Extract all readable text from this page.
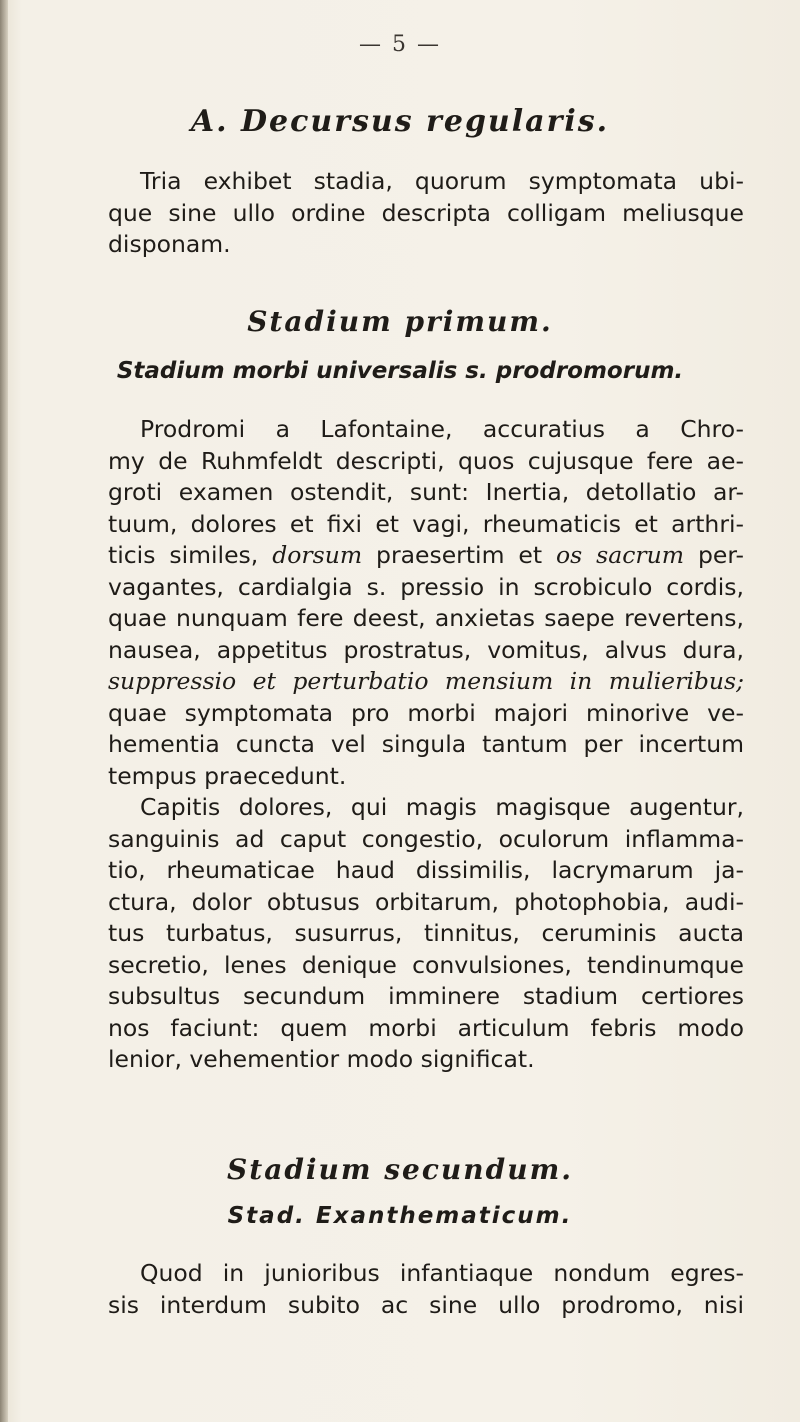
— 5 —
A. Decursus regularis.
Tria exhibet stadia, quorum symptomata ubi-
que sine ullo ordine descripta colligam meliusque
disponam.
Stadium primum.
Stadium morbi universalis s. prodromorum.
Prodromi a Lafontaine, accuratius a Chro-
my de Ruhmfeldt descripti, quos cujusque fere ae-
groti examen ostendit, sunt: Inertia, detollatio ar-
tuum, dolores et fixi et vagi, rheumaticis et arthri-
ticis similes, dorsum praesertim et os sacrum per-
vagantes, cardialgia s. pressio in scrobiculo cordis,
quae nunquam fere deest, anxietas saepe revertens,
nausea, appetitus prostratus, vomitus, alvus dura,
suppressio et perturbatio mensium in mulieribus;
quae symptomata pro morbi majori minorive ve-
hementia cuncta vel singula tantum per incertum
tempus praecedunt.
Capitis dolores, qui magis magisque augentur,
sanguinis ad caput congestio, oculorum inflamma-
tio, rheumaticae haud dissimilis, lacrymarum ja-
ctura, dolor obtusus orbitarum, photophobia, audi-
tus turbatus, susurrus, tinnitus, ceruminis aucta
secretio, lenes denique convulsiones, tendinumque
subsultus secundum imminere stadium certiores
nos faciunt: quem morbi articulum febris modo
lenior, vehementior modo significat.
Stadium secundum.
Stad. Exanthematicum.
Quod in junioribus infantiaque nondum egres-
sis interdum subito ac sine ullo prodromo, nisi
